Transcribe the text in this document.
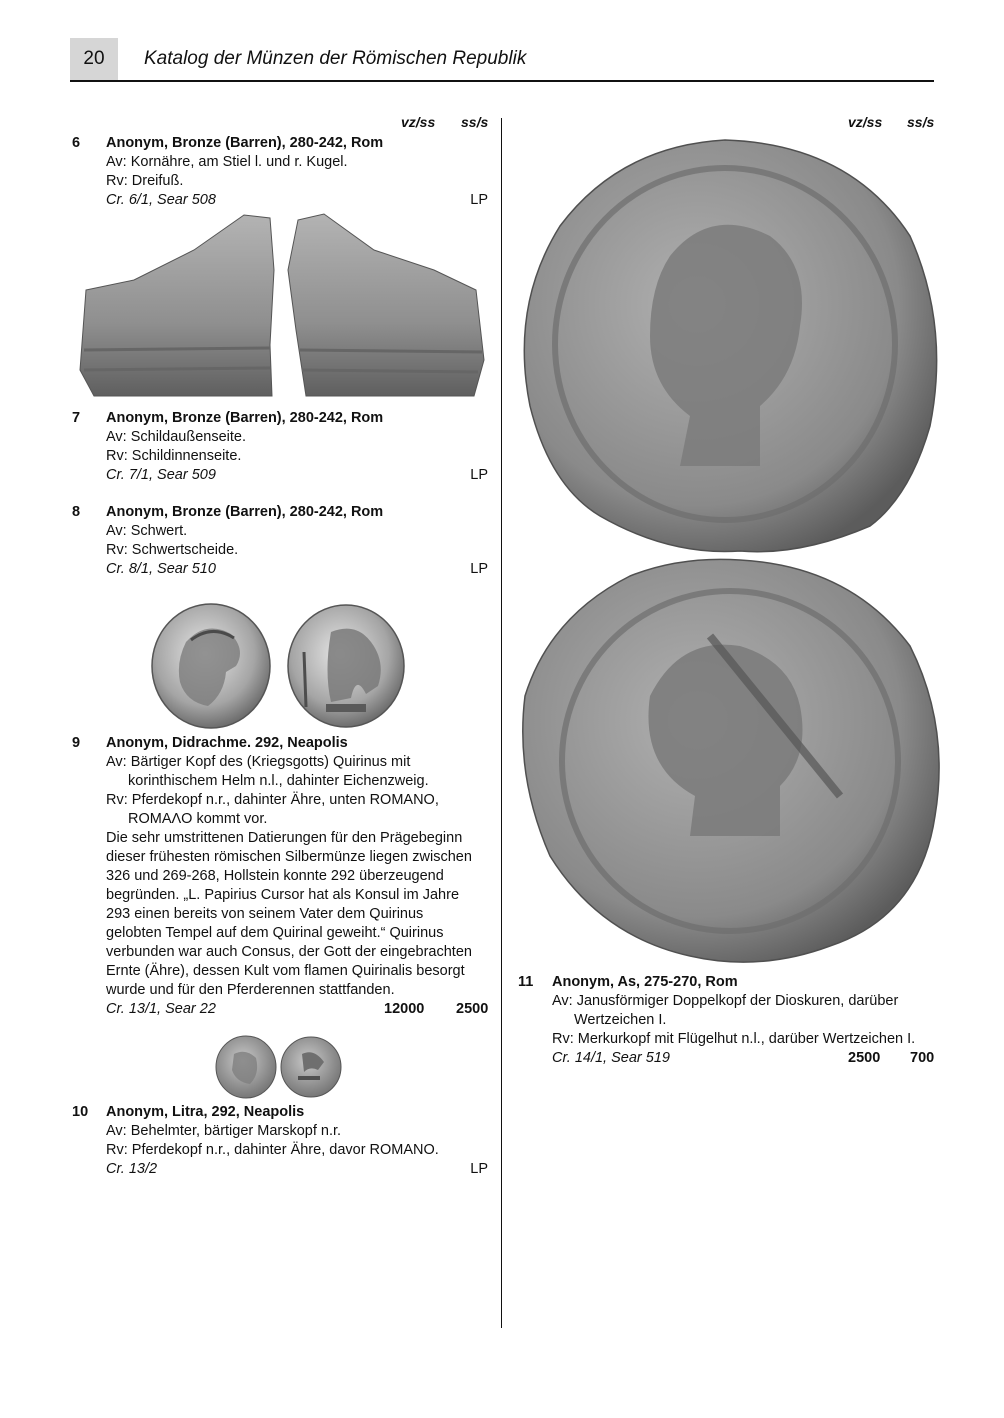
20	Katalog der Münzen der Römischen Republik
vz/ss ss/s	vz/ss ss/s
6 Anonym, Bronze (Barren), 280-242, Rom
Av: Kornähre, am Stiel l. und r. Kugel.
Rv: Dreifuß.
Cr. 6/1, Sear 508	LP
7 Anonym, Bronze (Barren), 280-242, Rom
Av: Schildaußenseite.
Rv: Schildinnenseite.
Cr. 7/1, Sear 509	LP
8 Anonym, Bronze (Barren), 280-242, Rom
Av: Schwert.
Rv: Schwertscheide.
Cr. 8/1, Sear 510	LP
9 Anonym, Didrachme. 292, Neapolis
Av: Bärtiger Kopf des (Kriegsgotts) Quirinus mit
korinthischem Helm n.l., dahinter Eichenzweig.
Rv: Pferdekopf n.r., dahinter Ähre, unten ROMANO,
ROMAΛO kommt vor.
Die sehr umstrittenen Datierungen für den Prägebeginn
dieser frühesten römischen Silbermünze liegen zwischen
326 und 269-268, Hollstein konnte 292 überzeugend
begründen. „L. Papirius Cursor hat als Konsul im Jahre
293 einen bereits von seinem Vater dem Quirinus
gelobten Tempel auf dem Quirinal geweiht.“ Quirinus
verbunden war auch Consus, der Gott der eingebrachten
Ernte (Ähre), dessen Kult vom flamen Quirinalis besorgt
wurde und für den Pferderennen stattfanden.
Cr. 13/1, Sear 22	12000 2500
10 Anonym, Litra, 292, Neapolis
Av: Behelmter, bärtiger Marskopf n.r.
Rv: Pferdekopf n.r., dahinter Ähre, davor ROMANO.
Cr. 13/2	LP
11 Anonym, As, 275-270, Rom
Av: Janusförmiger Doppelkopf der Dioskuren, darüber
Wertzeichen I.
Rv: Merkurkopf mit Flügelhut n.l., darüber Wertzeichen I.
Cr. 14/1, Sear 519	2500 700
